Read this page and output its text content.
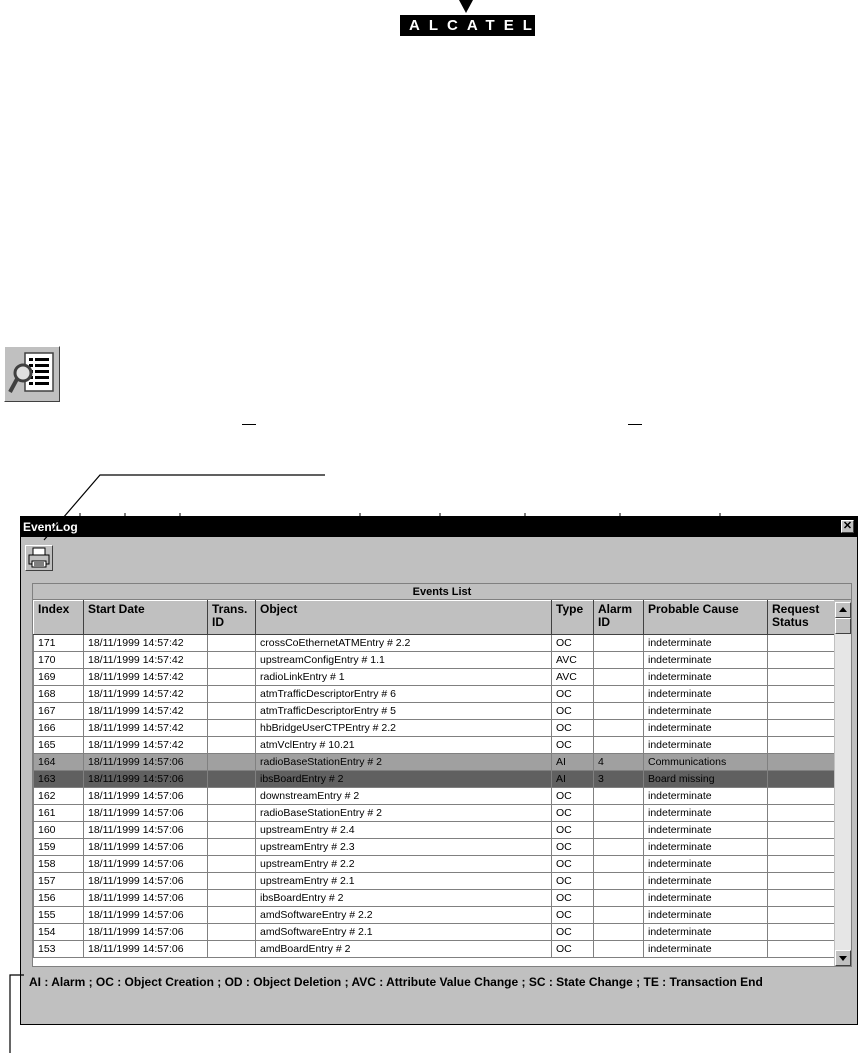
ALCATEL
EventLog	✕
Events List
Index	Start Date	Trans. ID	Object	Type	Alarm ID	Probable Cause	Request Status
171	18/11/1999 14:57:42		crossCoEthernetATMEntry # 2.2	OC		indeterminate	
170	18/11/1999 14:57:42		upstreamConfigEntry # 1.1	AVC		indeterminate	
169	18/11/1999 14:57:42		radioLinkEntry # 1	AVC		indeterminate	
168	18/11/1999 14:57:42		atmTrafficDescriptorEntry # 6	OC		indeterminate	
167	18/11/1999 14:57:42		atmTrafficDescriptorEntry # 5	OC		indeterminate	
166	18/11/1999 14:57:42		hbBridgeUserCTPEntry # 2.2	OC		indeterminate	
165	18/11/1999 14:57:42		atmVclEntry # 10.21	OC		indeterminate	
164	18/11/1999 14:57:06		radioBaseStationEntry # 2	AI	4	Communications	
163	18/11/1999 14:57:06		ibsBoardEntry # 2	AI	3	Board missing	
162	18/11/1999 14:57:06		downstreamEntry # 2	OC		indeterminate	
161	18/11/1999 14:57:06		radioBaseStationEntry # 2	OC		indeterminate	
160	18/11/1999 14:57:06		upstreamEntry # 2.4	OC		indeterminate	
159	18/11/1999 14:57:06		upstreamEntry # 2.3	OC		indeterminate	
158	18/11/1999 14:57:06		upstreamEntry # 2.2	OC		indeterminate	
157	18/11/1999 14:57:06		upstreamEntry # 2.1	OC		indeterminate	
156	18/11/1999 14:57:06		ibsBoardEntry # 2	OC		indeterminate	
155	18/11/1999 14:57:06		amdSoftwareEntry # 2.2	OC		indeterminate	
154	18/11/1999 14:57:06		amdSoftwareEntry # 2.1	OC		indeterminate	
153	18/11/1999 14:57:06		amdBoardEntry # 2	OC		indeterminate	
AI : Alarm ; OC : Object Creation ; OD : Object Deletion ; AVC : Attribute Value Change ; SC : State Change ; TE : Transaction End
